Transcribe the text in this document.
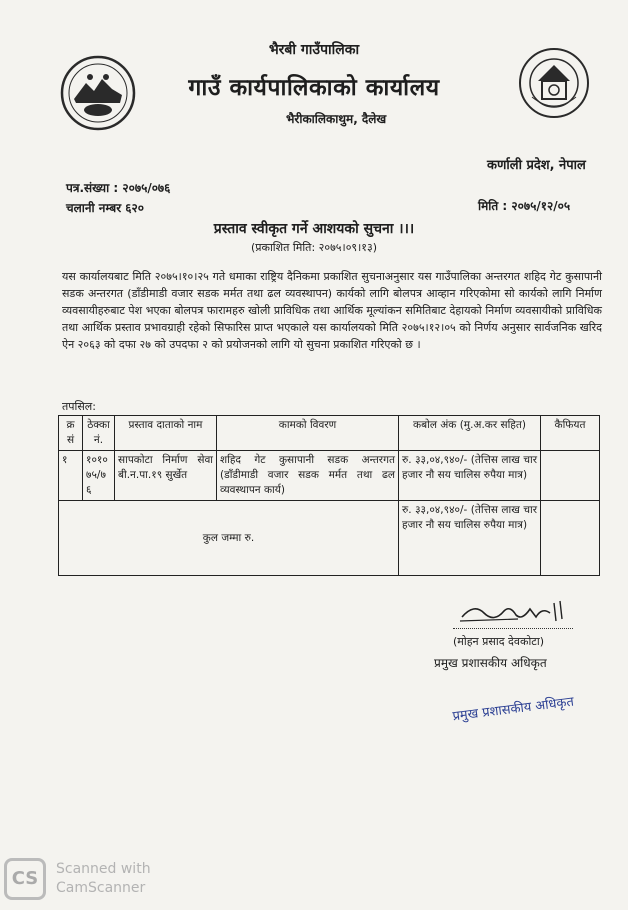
भैरबी गाउँपालिका
गाउँ कार्यपालिकाको कार्यालय
भैरीकालिकाथुम, दैलेख
कर्णाली प्रदेश, नेपाल
पत्र.संख्या : २०७५/०७६
चलानी नम्बर ६२०	मिति : २०७५/१२/०५
प्रस्ताव स्वीकृत गर्ने आशयको सुचना ।।।
(प्रकाशित मिति: २०७५।०९।१३)
यस कार्यालयबाट मिति २०७५।१०।२५ गते धमाका राष्ट्रिय दैनिकमा प्रकाशित सुचनाअनुसार यस गाउँपालिका अन्तरगत शहिद गेट कुसापानी सडक अन्तरगत (डाँडीमाडी वजार सडक मर्मत तथा ढल व्यवस्थापन) कार्यको लागि बोलपत्र आव्हान गरिएकोमा सो कार्यको लागि निर्माण व्यवसायीहरुबाट पेश भएका बोलपत्र फारामहरु खोली प्राविधिक तथा आर्थिक मूल्यांकन समितिबाट देहायको निर्माण व्यवसायीको प्राविधिक तथा आर्थिक प्रस्ताव प्रभावग्राही रहेको सिफारिस प्राप्त भएकाले यस कार्यालयको मिति २०७५।१२।०५ को निर्णय अनुसार सार्वजनिक खरिद ऐन २०६३ को दफा २७ को उपदफा २ को प्रयोजनको लागि यो सुचना प्रकाशित गरिएको छ ।
तपसिल:
क्र सं	ठेक्का नं.	प्रस्ताव दाताको नाम	कामको विवरण	कबोल अंक (मु.अ.कर सहित)	कैफियत
१	१०१० ७५/७ ६	सापकोटा निर्माण सेवा बी.न.पा.१९ सुर्खेत	शहिद गेट कुसापानी सडक अन्तरगत (डाँडीमाडी वजार सडक मर्मत तथा ढल व्यवस्थापन कार्य)	रु. ३३,०४,९४०/- (तेत्तिस लाख चार हजार नौ सय चालिस रुपैया मात्र)	
कुल जम्मा रु.				रु. ३३,०४,९४०/- (तेत्तिस लाख चार हजार नौ सय चालिस रुपैया मात्र)	
(मोहन प्रसाद देवकोटा)
प्रमुख प्रशासकीय अधिकृत
प्रमुख प्रशासकीय अधिकृत
CS	Scanned with
CamScanner
